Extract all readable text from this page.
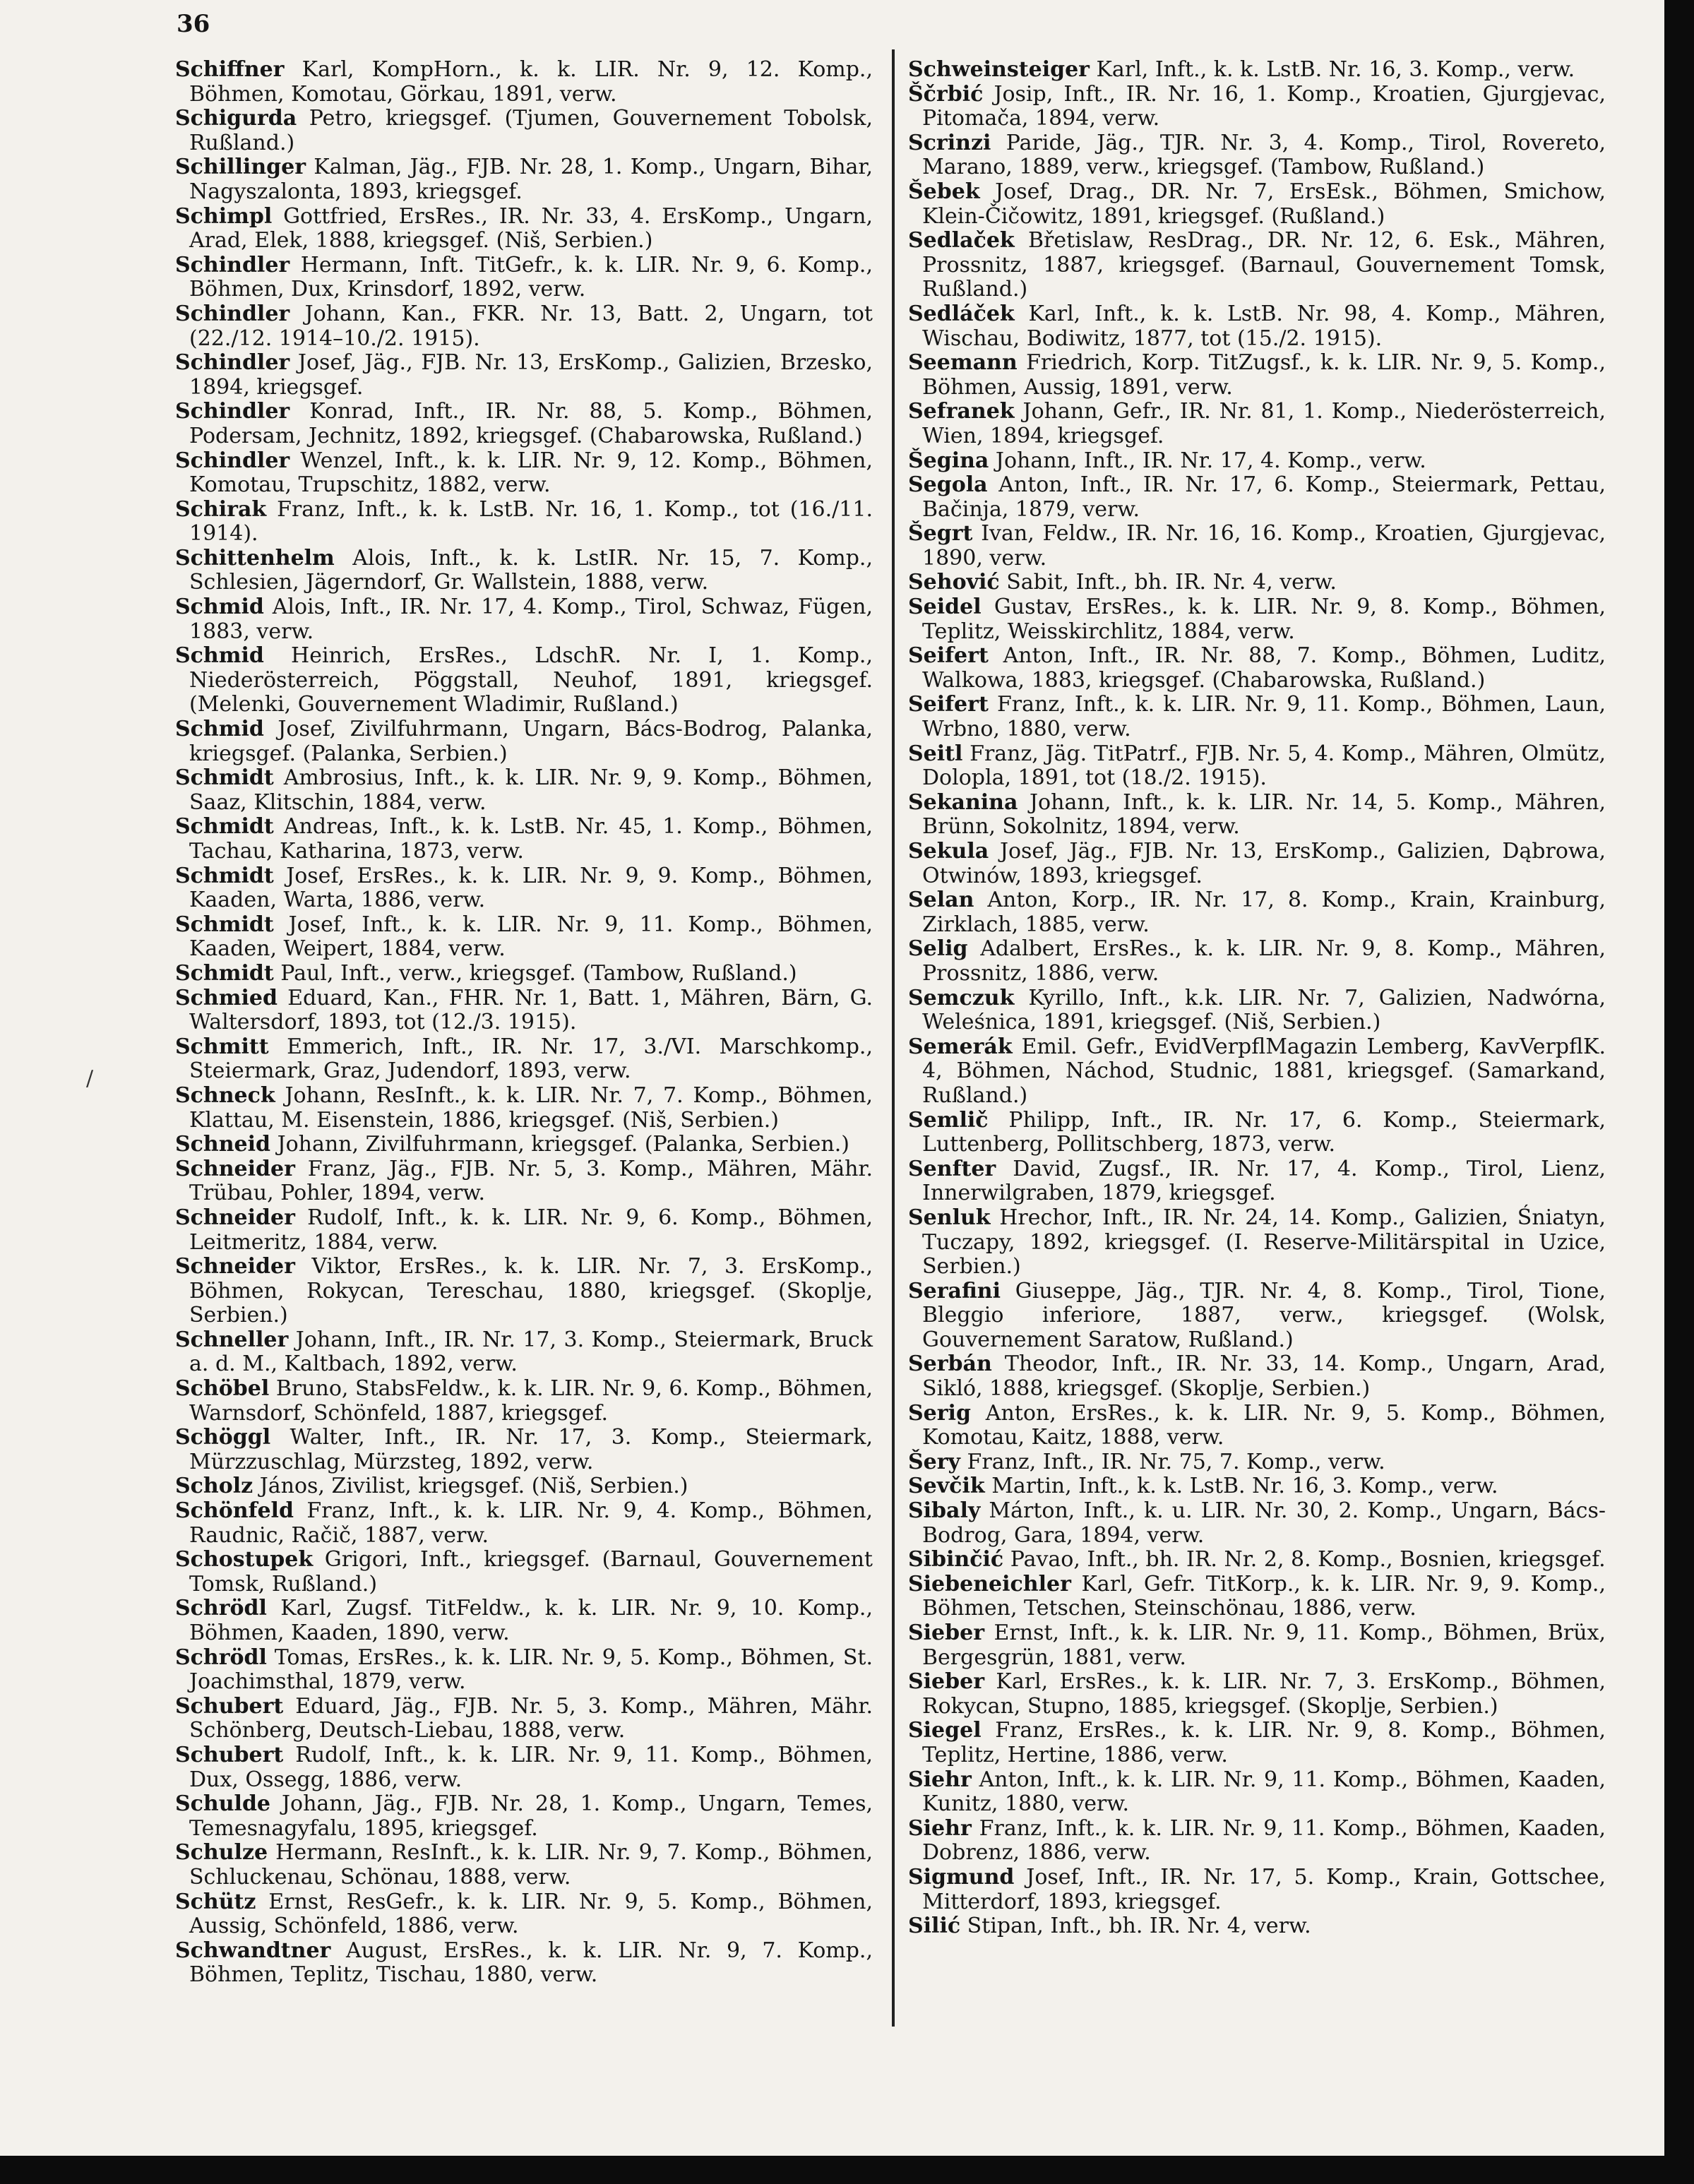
36
Schiffner Karl, KompHorn., k. k. LIR. Nr. 9, 12. Komp., Böhmen, Komotau, Görkau, 1891, verw.
Schigurda Petro, kriegsgef. (Tjumen, Gouvernement Tobolsk, Rußland.)
Schillinger Kalman, Jäg., FJB. Nr. 28, 1. Komp., Ungarn, Bihar, Nagyszalonta, 1893, kriegsgef.
Schimpl Gottfried, ErsRes., IR. Nr. 33, 4. ErsKomp., Ungarn, Arad, Elek, 1888, kriegsgef. (Niš, Serbien.)
Schindler Hermann, Inft. TitGefr., k. k. LIR. Nr. 9, 6. Komp., Böhmen, Dux, Krinsdorf, 1892, verw.
Schindler Johann, Kan., FKR. Nr. 13, Batt. 2, Ungarn, tot (22./12. 1914–10./2. 1915).
Schindler Josef, Jäg., FJB. Nr. 13, ErsKomp., Galizien, Brzesko, 1894, kriegsgef.
Schindler Konrad, Inft., IR. Nr. 88, 5. Komp., Böhmen, Podersam, Jechnitz, 1892, kriegsgef. (Chabarowska, Rußland.)
Schindler Wenzel, Inft., k. k. LIR. Nr. 9, 12. Komp., Böhmen, Komotau, Trupschitz, 1882, verw.
Schirak Franz, Inft., k. k. LstB. Nr. 16, 1. Komp., tot (16./11. 1914).
Schittenhelm Alois, Inft., k. k. LstIR. Nr. 15, 7. Komp., Schlesien, Jägerndorf, Gr. Wallstein, 1888, verw.
Schmid Alois, Inft., IR. Nr. 17, 4. Komp., Tirol, Schwaz, Fügen, 1883, verw.
Schmid Heinrich, ErsRes., LdschR. Nr. I, 1. Komp., Niederösterreich, Pöggstall, Neuhof, 1891, kriegsgef. (Melenki, Gouvernement Wladimir, Rußland.)
Schmid Josef, Zivilfuhrmann, Ungarn, Bács-Bodrog, Palanka, kriegsgef. (Palanka, Serbien.)
Schmidt Ambrosius, Inft., k. k. LIR. Nr. 9, 9. Komp., Böhmen, Saaz, Klitschin, 1884, verw.
Schmidt Andreas, Inft., k. k. LstB. Nr. 45, 1. Komp., Böhmen, Tachau, Katharina, 1873, verw.
Schmidt Josef, ErsRes., k. k. LIR. Nr. 9, 9. Komp., Böhmen, Kaaden, Warta, 1886, verw.
Schmidt Josef, Inft., k. k. LIR. Nr. 9, 11. Komp., Böhmen, Kaaden, Weipert, 1884, verw.
Schmidt Paul, Inft., verw., kriegsgef. (Tambow, Rußland.)
Schmied Eduard, Kan., FHR. Nr. 1, Batt. 1, Mähren, Bärn, G. Waltersdorf, 1893, tot (12./3. 1915).
Schmitt Emmerich, Inft., IR. Nr. 17, 3./VI. Marschkomp., Steiermark, Graz, Judendorf, 1893, verw.
Schneck Johann, ResInft., k. k. LIR. Nr. 7, 7. Komp., Böhmen, Klattau, M. Eisenstein, 1886, kriegsgef. (Niš, Serbien.)
Schneid Johann, Zivilfuhrmann, kriegsgef. (Palanka, Serbien.)
Schneider Franz, Jäg., FJB. Nr. 5, 3. Komp., Mähren, Mähr. Trübau, Pohler, 1894, verw.
Schneider Rudolf, Inft., k. k. LIR. Nr. 9, 6. Komp., Böhmen, Leitmeritz, 1884, verw.
Schneider Viktor, ErsRes., k. k. LIR. Nr. 7, 3. ErsKomp., Böhmen, Rokycan, Tereschau, 1880, kriegsgef. (Skoplje, Serbien.)
Schneller Johann, Inft., IR. Nr. 17, 3. Komp., Steiermark, Bruck a. d. M., Kaltbach, 1892, verw.
Schöbel Bruno, StabsFeldw., k. k. LIR. Nr. 9, 6. Komp., Böhmen, Warnsdorf, Schönfeld, 1887, kriegsgef.
Schöggl Walter, Inft., IR. Nr. 17, 3. Komp., Steiermark, Mürzzuschlag, Mürzsteg, 1892, verw.
Scholz János, Zivilist, kriegsgef. (Niš, Serbien.)
Schönfeld Franz, Inft., k. k. LIR. Nr. 9, 4. Komp., Böhmen, Raudnic, Račič, 1887, verw.
Schostupek Grigori, Inft., kriegsgef. (Barnaul, Gouvernement Tomsk, Rußland.)
Schrödl Karl, Zugsf. TitFeldw., k. k. LIR. Nr. 9, 10. Komp., Böhmen, Kaaden, 1890, verw.
Schrödl Tomas, ErsRes., k. k. LIR. Nr. 9, 5. Komp., Böhmen, St. Joachimsthal, 1879, verw.
Schubert Eduard, Jäg., FJB. Nr. 5, 3. Komp., Mähren, Mähr. Schönberg, Deutsch-Liebau, 1888, verw.
Schubert Rudolf, Inft., k. k. LIR. Nr. 9, 11. Komp., Böhmen, Dux, Ossegg, 1886, verw.
Schulde Johann, Jäg., FJB. Nr. 28, 1. Komp., Ungarn, Temes, Temesnagyfalu, 1895, kriegsgef.
Schulze Hermann, ResInft., k. k. LIR. Nr. 9, 7. Komp., Böhmen, Schluckenau, Schönau, 1888, verw.
Schütz Ernst, ResGefr., k. k. LIR. Nr. 9, 5. Komp., Böhmen, Aussig, Schönfeld, 1886, verw.
Schwandtner August, ErsRes., k. k. LIR. Nr. 9, 7. Komp., Böhmen, Teplitz, Tischau, 1880, verw.
Schweinsteiger Karl, Inft., k. k. LstB. Nr. 16, 3. Komp., verw.
Ščrbić Josip, Inft., IR. Nr. 16, 1. Komp., Kroatien, Gjurgjevac, Pitomača, 1894, verw.
Scrinzi Paride, Jäg., TJR. Nr. 3, 4. Komp., Tirol, Rovereto, Marano, 1889, verw., kriegsgef. (Tambow, Rußland.)
Šebek Josef, Drag., DR. Nr. 7, ErsEsk., Böhmen, Smichow, Klein-Čičowitz, 1891, kriegsgef. (Rußland.)
Sedlaček Břetislaw, ResDrag., DR. Nr. 12, 6. Esk., Mähren, Prossnitz, 1887, kriegsgef. (Barnaul, Gouvernement Tomsk, Rußland.)
Sedláček Karl, Inft., k. k. LstB. Nr. 98, 4. Komp., Mähren, Wischau, Bodiwitz, 1877, tot (15./2. 1915).
Seemann Friedrich, Korp. TitZugsf., k. k. LIR. Nr. 9, 5. Komp., Böhmen, Aussig, 1891, verw.
Sefranek Johann, Gefr., IR. Nr. 81, 1. Komp., Niederösterreich, Wien, 1894, kriegsgef.
Šegina Johann, Inft., IR. Nr. 17, 4. Komp., verw.
Segola Anton, Inft., IR. Nr. 17, 6. Komp., Steiermark, Pettau, Bačinja, 1879, verw.
Šegrt Ivan, Feldw., IR. Nr. 16, 16. Komp., Kroatien, Gjurgjevac, 1890, verw.
Sehović Sabit, Inft., bh. IR. Nr. 4, verw.
Seidel Gustav, ErsRes., k. k. LIR. Nr. 9, 8. Komp., Böhmen, Teplitz, Weisskirchlitz, 1884, verw.
Seifert Anton, Inft., IR. Nr. 88, 7. Komp., Böhmen, Luditz, Walkowa, 1883, kriegsgef. (Chabarowska, Rußland.)
Seifert Franz, Inft., k. k. LIR. Nr. 9, 11. Komp., Böhmen, Laun, Wrbno, 1880, verw.
Seitl Franz, Jäg. TitPatrf., FJB. Nr. 5, 4. Komp., Mähren, Olmütz, Dolopla, 1891, tot (18./2. 1915).
Sekanina Johann, Inft., k. k. LIR. Nr. 14, 5. Komp., Mähren, Brünn, Sokolnitz, 1894, verw.
Sekula Josef, Jäg., FJB. Nr. 13, ErsKomp., Galizien, Dąbrowa, Otwinów, 1893, kriegsgef.
Selan Anton, Korp., IR. Nr. 17, 8. Komp., Krain, Krainburg, Zirklach, 1885, verw.
Selig Adalbert, ErsRes., k. k. LIR. Nr. 9, 8. Komp., Mähren, Prossnitz, 1886, verw.
Semczuk Kyrillo, Inft., k.k. LIR. Nr. 7, Galizien, Nadwórna, Weleśnica, 1891, kriegsgef. (Niš, Serbien.)
Semerák Emil. Gefr., EvidVerpflMagazin Lemberg, KavVerpflK. 4, Böhmen, Náchod, Studnic, 1881, kriegsgef. (Samarkand, Rußland.)
Semlič Philipp, Inft., IR. Nr. 17, 6. Komp., Steiermark, Luttenberg, Pollitschberg, 1873, verw.
Senfter David, Zugsf., IR. Nr. 17, 4. Komp., Tirol, Lienz, Innerwilgraben, 1879, kriegsgef.
Senluk Hrechor, Inft., IR. Nr. 24, 14. Komp., Galizien, Śniatyn, Tuczapy, 1892, kriegsgef. (I. Reserve-Militärspital in Uzice, Serbien.)
Serafini Giuseppe, Jäg., TJR. Nr. 4, 8. Komp., Tirol, Tione, Bleggio inferiore, 1887, verw., kriegsgef. (Wolsk, Gouvernement Saratow, Rußland.)
Serbán Theodor, Inft., IR. Nr. 33, 14. Komp., Ungarn, Arad, Sikló, 1888, kriegsgef. (Skoplje, Serbien.)
Serig Anton, ErsRes., k. k. LIR. Nr. 9, 5. Komp., Böhmen, Komotau, Kaitz, 1888, verw.
Šery Franz, Inft., IR. Nr. 75, 7. Komp., verw.
Sevčik Martin, Inft., k. k. LstB. Nr. 16, 3. Komp., verw.
Sibaly Márton, Inft., k. u. LIR. Nr. 30, 2. Komp., Ungarn, Bács-Bodrog, Gara, 1894, verw.
Sibinčić Pavao, Inft., bh. IR. Nr. 2, 8. Komp., Bosnien, kriegsgef.
Siebeneichler Karl, Gefr. TitKorp., k. k. LIR. Nr. 9, 9. Komp., Böhmen, Tetschen, Steinschönau, 1886, verw.
Sieber Ernst, Inft., k. k. LIR. Nr. 9, 11. Komp., Böhmen, Brüx, Bergesgrün, 1881, verw.
Sieber Karl, ErsRes., k. k. LIR. Nr. 7, 3. ErsKomp., Böhmen, Rokycan, Stupno, 1885, kriegsgef. (Skoplje, Serbien.)
Siegel Franz, ErsRes., k. k. LIR. Nr. 9, 8. Komp., Böhmen, Teplitz, Hertine, 1886, verw.
Siehr Anton, Inft., k. k. LIR. Nr. 9, 11. Komp., Böhmen, Kaaden, Kunitz, 1880, verw.
Siehr Franz, Inft., k. k. LIR. Nr. 9, 11. Komp., Böhmen, Kaaden, Dobrenz, 1886, verw.
Sigmund Josef, Inft., IR. Nr. 17, 5. Komp., Krain, Gottschee, Mitterdorf, 1893, kriegsgef.
Silić Stipan, Inft., bh. IR. Nr. 4, verw.
/
